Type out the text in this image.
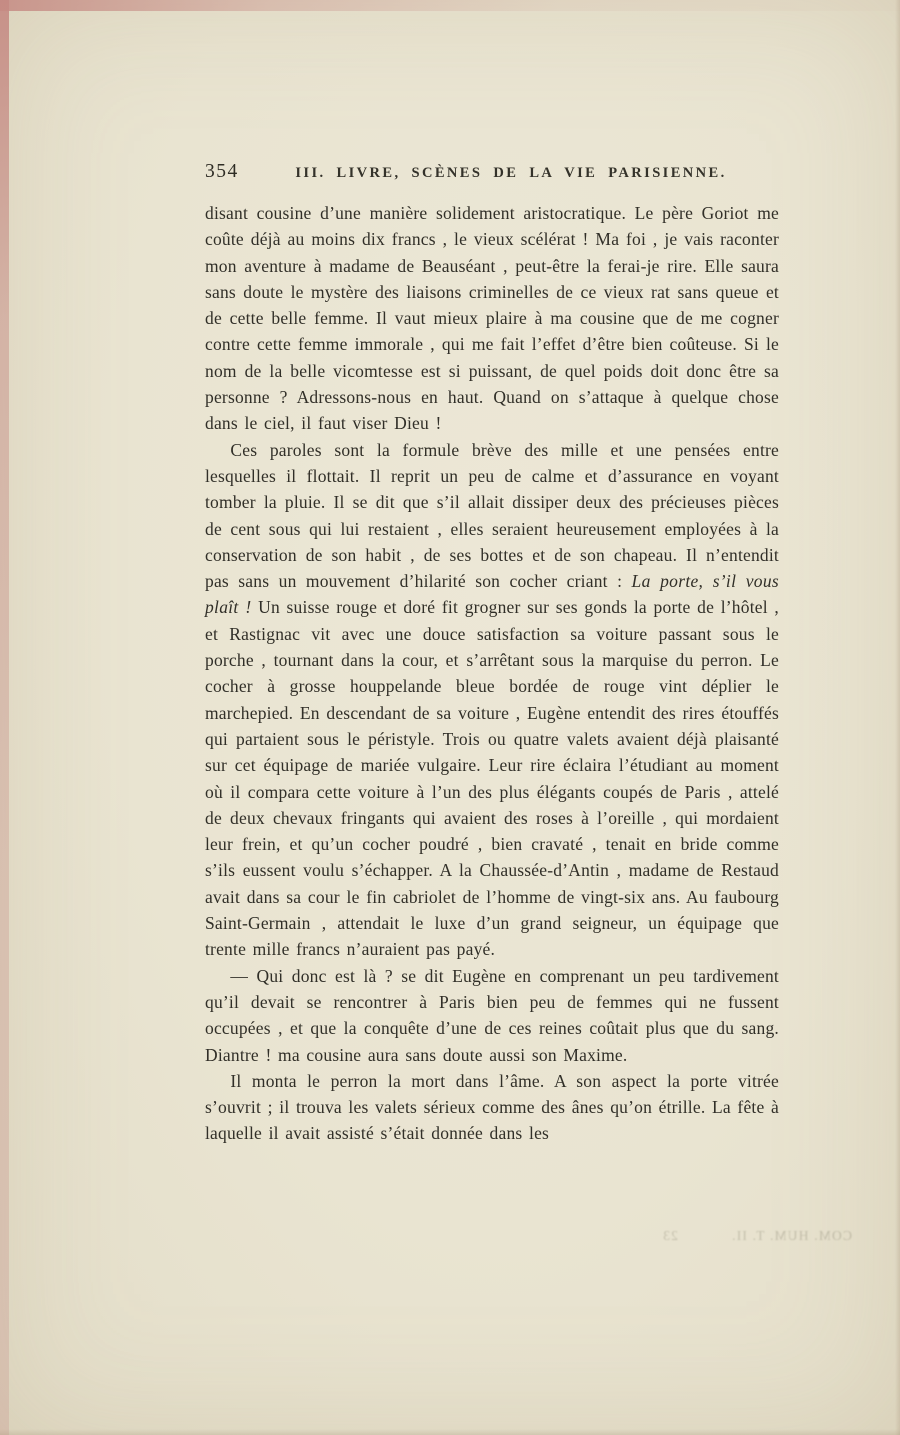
354	III. LIVRE, SCÈNES DE LA VIE PARISIENNE.

disant cousine d’une manière solidement aristocratique. Le père Goriot me coûte déjà au moins dix francs , le vieux scélérat ! Ma foi , je vais raconter mon aventure à madame de Beauséant , peut-être la ferai-je rire. Elle saura sans doute le mystère des liaisons criminelles de ce vieux rat sans queue et de cette belle femme. Il vaut mieux plaire à ma cousine que de me cogner contre cette femme immorale , qui me fait l’effet d’être bien coûteuse. Si le nom de la belle vicomtesse est si puissant, de quel poids doit donc être sa personne ? Adressons-nous en haut. Quand on s’attaque à quelque chose dans le ciel, il faut viser Dieu !

Ces paroles sont la formule brève des mille et une pensées entre lesquelles il flottait. Il reprit un peu de calme et d’assurance en voyant tomber la pluie. Il se dit que s’il allait dissiper deux des précieuses pièces de cent sous qui lui restaient , elles seraient heureusement employées à la conservation de son habit , de ses bottes et de son chapeau. Il n’entendit pas sans un mouvement d’hilarité son cocher criant : La porte, s’il vous plaît ! Un suisse rouge et doré fit grogner sur ses gonds la porte de l’hôtel , et Rastignac vit avec une douce satisfaction sa voiture passant sous le porche , tournant dans la cour, et s’arrêtant sous la marquise du perron. Le cocher à grosse houppelande bleue bordée de rouge vint déplier le marchepied. En descendant de sa voiture , Eugène entendit des rires étouffés qui partaient sous le péristyle. Trois ou quatre valets avaient déjà plaisanté sur cet équipage de mariée vulgaire. Leur rire éclaira l’étudiant au moment où il compara cette voiture à l’un des plus élégants coupés de Paris , attelé de deux chevaux fringants qui avaient des roses à l’oreille , qui mordaient leur frein, et qu’un cocher poudré , bien cravaté , tenait en bride comme s’ils eussent voulu s’échapper. A la Chaussée-d’Antin , madame de Restaud avait dans sa cour le fin cabriolet de l’homme de vingt-six ans. Au faubourg Saint-Germain , attendait le luxe d’un grand seigneur, un équipage que trente mille francs n’auraient pas payé.

— Qui donc est là ? se dit Eugène en comprenant un peu tardivement qu’il devait se rencontrer à Paris bien peu de femmes qui ne fussent occupées , et que la conquête d’une de ces reines coûtait plus que du sang. Diantre ! ma cousine aura sans doute aussi son Maxime.

Il monta le perron la mort dans l’âme. A son aspect la porte vitrée s’ouvrit ; il trouva les valets sérieux comme des ânes qu’on étrille. La fête à laquelle il avait assisté s’était donnée dans les

COM. HUM. T. II.
23
